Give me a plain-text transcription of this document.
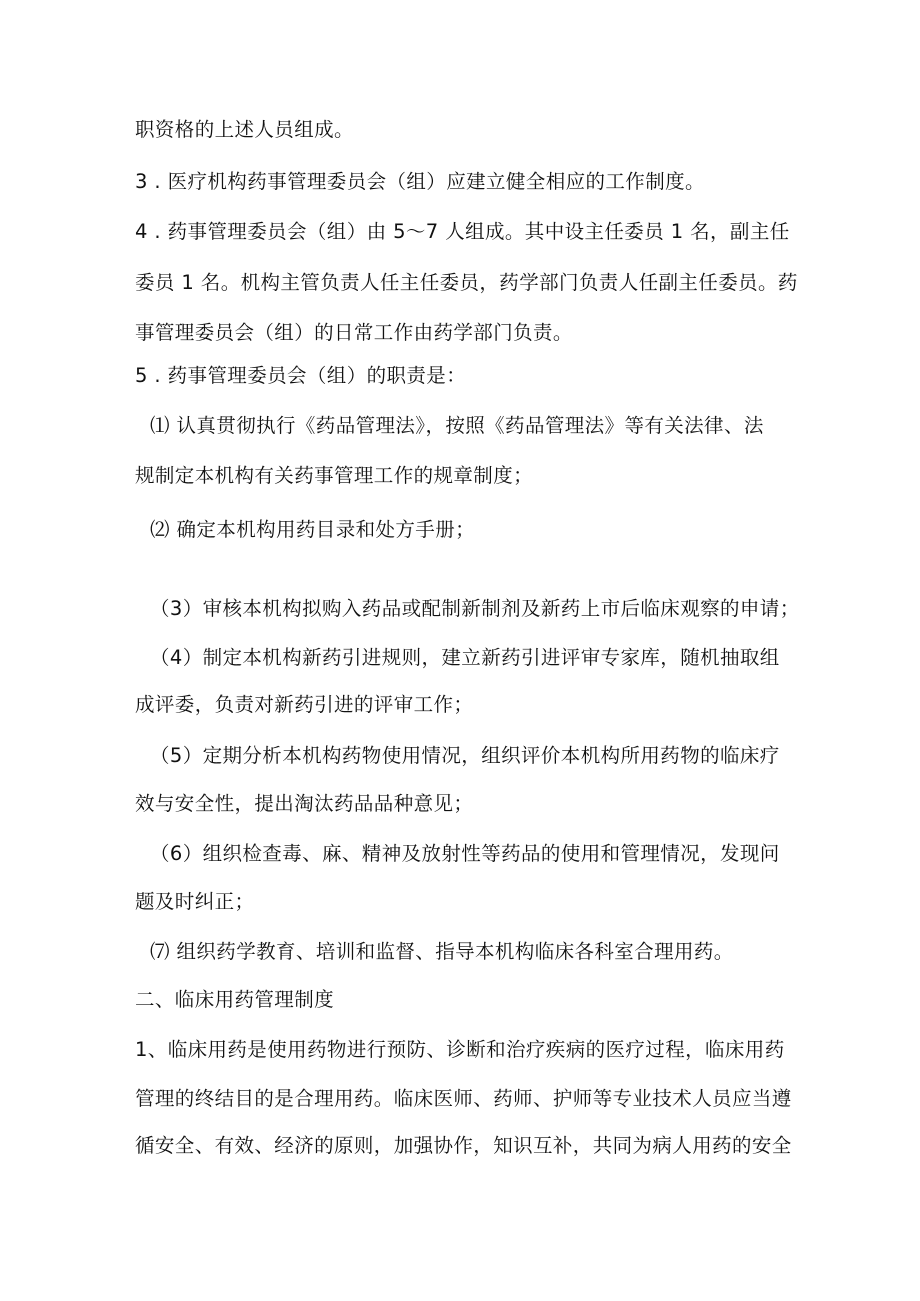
职资格的上述人员组成。
3 . 医疗机构药事管理委员会（组）应建立健全相应的工作制度。
4 . 药事管理委员会（组）由 5〜7 人组成。其中设主任委员 1 名，副主任
委员 1 名。机构主管负责人任主任委员，药学部门负责人任副主任委员。药
事管理委员会（组）的日常工作由药学部门负责。
5 . 药事管理委员会（组）的职责是：
⑴ 认真贯彻执行《药品管理法》，按照《药品管理法》等有关法律、法
规制定本机构有关药事管理工作的规章制度；
⑵ 确定本机构用药目录和处方手册；
（3）审核本机构拟购入药品或配制新制剂及新药上市后临床观察的申请；
（4）制定本机构新药引进规则，建立新药引进评审专家库，随机抽取组
成评委，负责对新药引进的评审工作；
（5）定期分析本机构药物使用情况，组织评价本机构所用药物的临床疗
效与安全性，提出淘汰药品品种意见；
（6）组织检查毒、麻、精神及放射性等药品的使用和管理情况，发现问
题及时纠正；
⑺ 组织药学教育、培训和监督、指导本机构临床各科室合理用药。
二、临床用药管理制度
1、临床用药是使用药物进行预防、诊断和治疗疾病的医疗过程，临床用药
管理的终结目的是合理用药。临床医师、药师、护师等专业技术人员应当遵
循安全、有效、经济的原则，加强协作，知识互补，共同为病人用药的安全
